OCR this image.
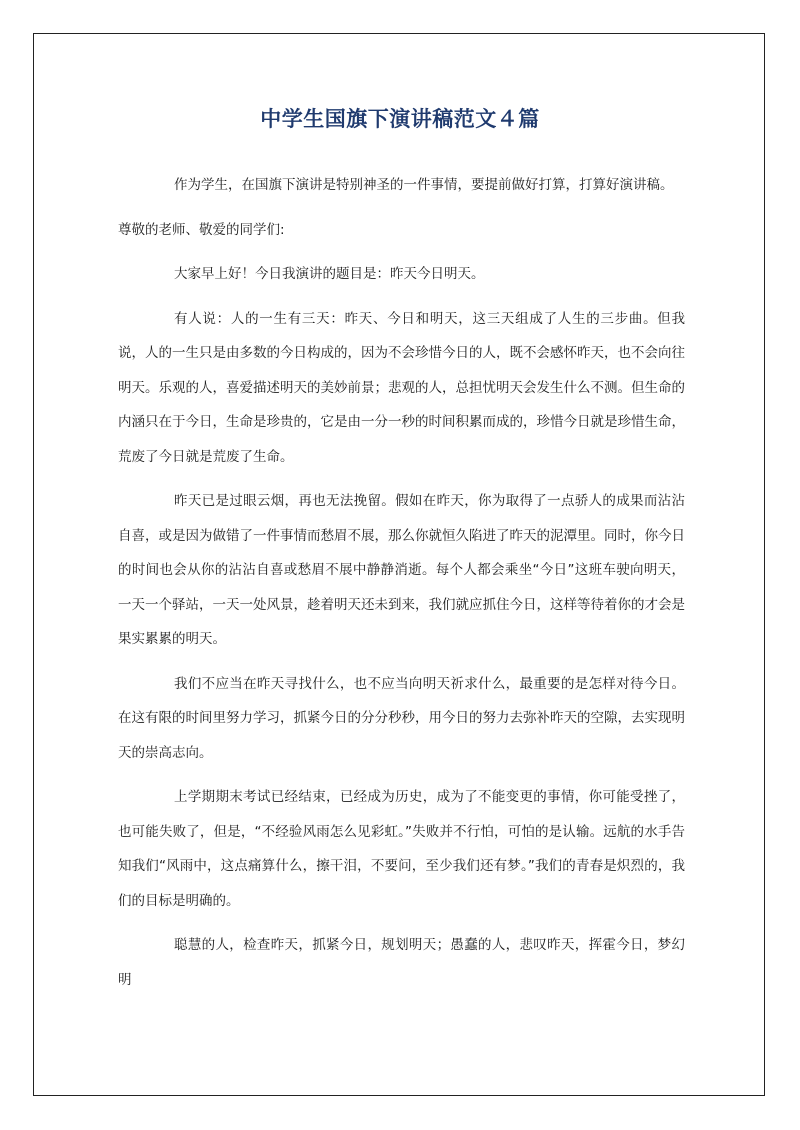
中学生国旗下演讲稿范文４篇

作为学生，在国旗下演讲是特别神圣的一件事情，要提前做好打算，打算好演讲稿。

尊敬的老师、敬爱的同学们:

大家早上好！今日我演讲的题目是：昨天今日明天。

有人说：人的一生有三天：昨天、今日和明天，这三天组成了人生的三步曲。但我说，人的一生只是由多数的今日构成的，因为不会珍惜今日的人，既不会感怀昨天，也不会向往明天。乐观的人，喜爱描述明天的美妙前景；悲观的人，总担忧明天会发生什么不测。但生命的内涵只在于今日，生命是珍贵的，它是由一分一秒的时间积累而成的，珍惜今日就是珍惜生命，荒废了今日就是荒废了生命。

昨天已是过眼云烟，再也无法挽留。假如在昨天，你为取得了一点骄人的成果而沾沾自喜，或是因为做错了一件事情而愁眉不展，那么你就恒久陷进了昨天的泥潭里。同时，你今日的时间也会从你的沾沾自喜或愁眉不展中静静消逝。每个人都会乘坐“今日”这班车驶向明天，一天一个驿站，一天一处风景，趁着明天还未到来，我们就应抓住今日，这样等待着你的才会是果实累累的明天。

我们不应当在昨天寻找什么，也不应当向明天祈求什么，最重要的是怎样对待今日。在这有限的时间里努力学习，抓紧今日的分分秒秒，用今日的努力去弥补昨天的空隙，去实现明天的崇高志向。

上学期期末考试已经结束，已经成为历史，成为了不能变更的事情，你可能受挫了，也可能失败了，但是，“不经验风雨怎么见彩虹。”失败并不行怕，可怕的是认输。远航的水手告知我们“风雨中，这点痛算什么，擦干泪，不要问，至少我们还有梦。”我们的青春是炽烈的，我们的目标是明确的。

聪慧的人，检查昨天，抓紧今日，规划明天；愚蠢的人，悲叹昨天，挥霍今日，梦幻明
